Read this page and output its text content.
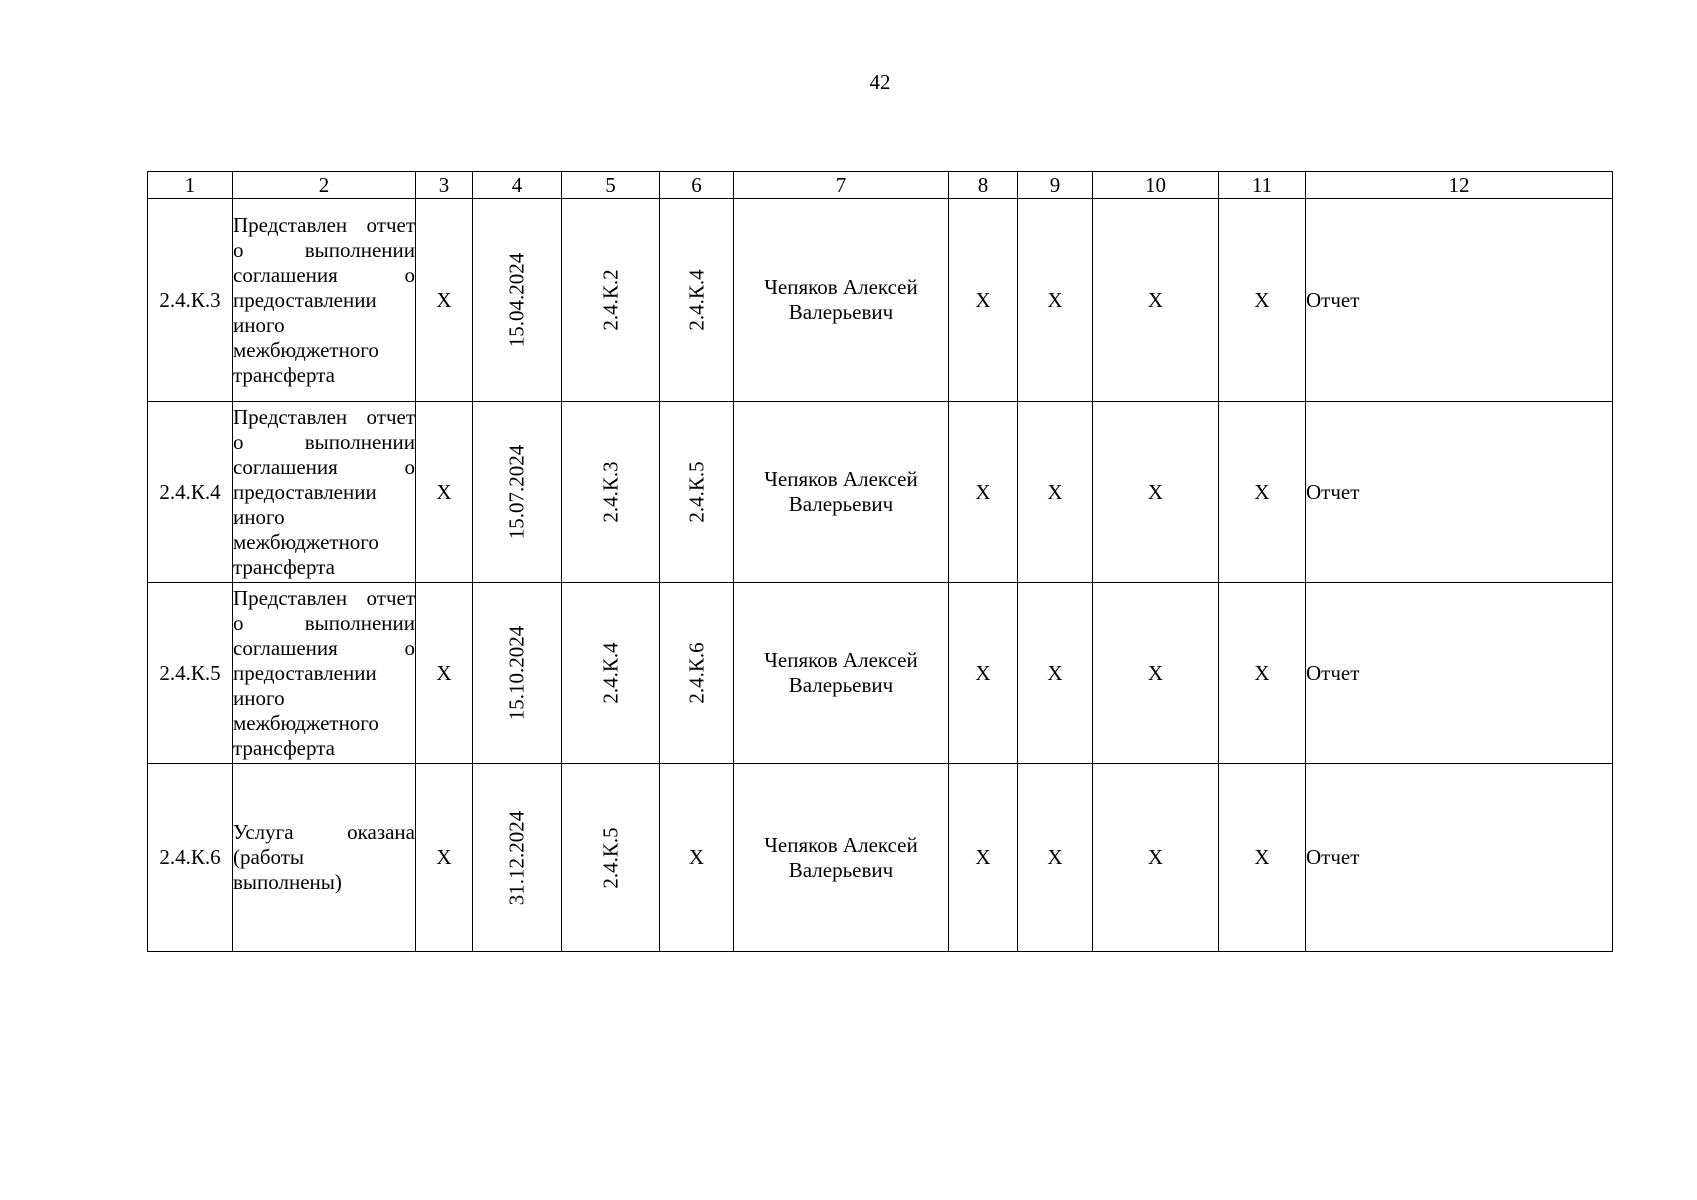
42
1	2	3	4	5	6	7	8	9	10	11	12
2.4.К.3	Представлен отчет о выполнении соглашения о предоставлении иного межбюджетного трансферта	X	15.04.2024	2.4.К.2	2.4.К.4	Чепяков Алексей Валерьевич	X	X	X	X	Отчет
2.4.К.4	Представлен отчет о выполнении соглашения о предоставлении иного межбюджетного трансферта	X	15.07.2024	2.4.К.3	2.4.К.5	Чепяков Алексей Валерьевич	X	X	X	X	Отчет
2.4.К.5	Представлен отчет о выполнении соглашения о предоставлении иного межбюджетного трансферта	X	15.10.2024	2.4.К.4	2.4.К.6	Чепяков Алексей Валерьевич	X	X	X	X	Отчет
2.4.К.6	Услуга оказана (работы выполнены)	X	31.12.2024	2.4.К.5	X	Чепяков Алексей Валерьевич	X	X	X	X	Отчет
